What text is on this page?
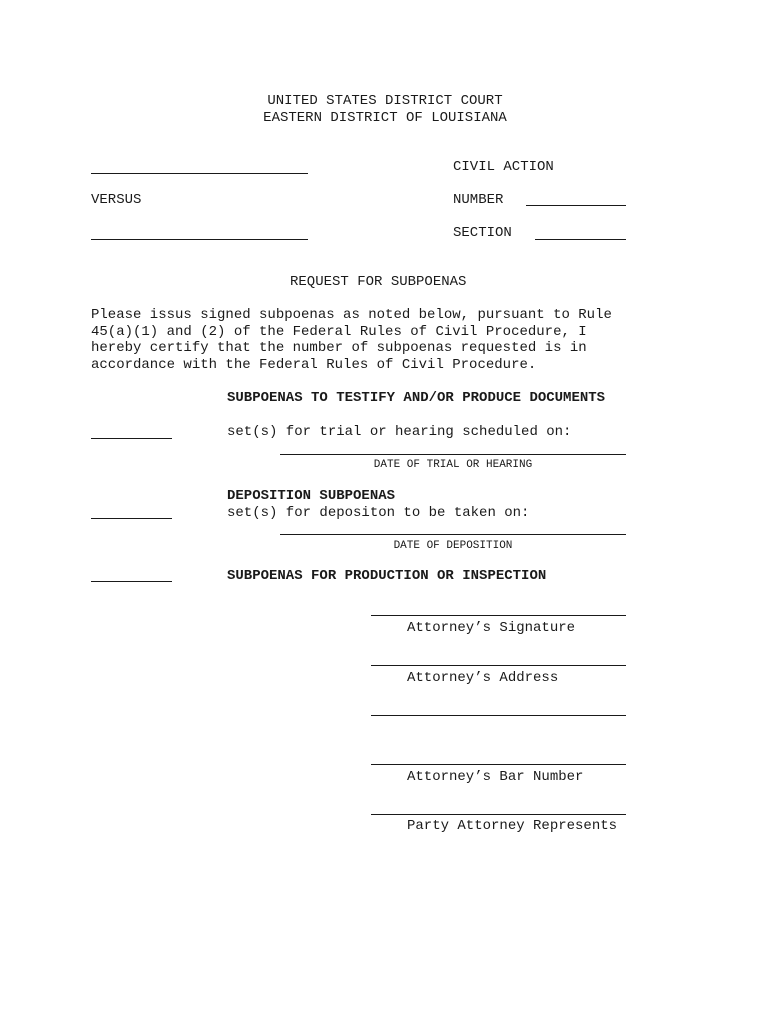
UNITED STATES DISTRICT COURT
EASTERN DISTRICT OF LOUISIANA
CIVIL ACTION
VERSUS	NUMBER
SECTION
REQUEST FOR SUBPOENAS
Please issus signed subpoenas as noted below, pursuant to Rule
45(a)(1) and (2) of the Federal Rules of Civil Procedure, I
hereby certify that the number of subpoenas requested is in
accordance with the Federal Rules of Civil Procedure.
SUBPOENAS TO TESTIFY AND/OR PRODUCE DOCUMENTS
set(s) for trial or hearing scheduled on:
DATE OF TRIAL OR HEARING
DEPOSITION SUBPOENAS
set(s) for depositon to be taken on:
DATE OF DEPOSITION
SUBPOENAS FOR PRODUCTION OR INSPECTION
Attorney’s Signature
Attorney’s Address
Attorney’s Bar Number
Party Attorney Represents
